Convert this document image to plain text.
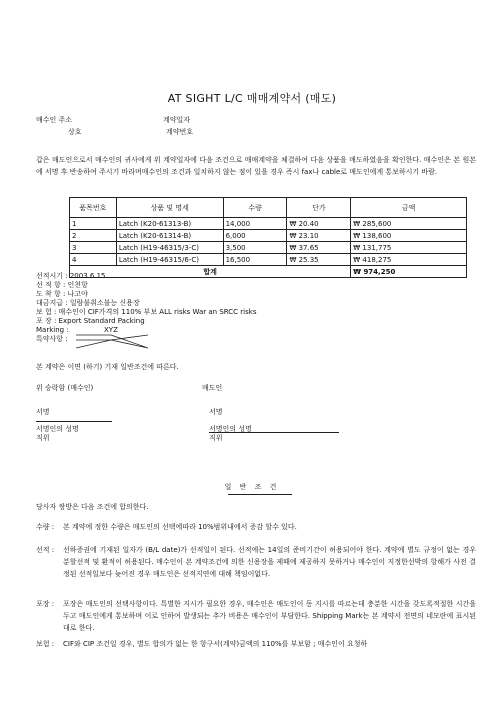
AT SIGHT L/C 매매계약서 (매도)
매수인 주소
상호
계약일자
계약번호
갑은 매도인으로서 매수인의 귀사에게 위 계약일자에 다음 조건으로 매매계약을 체결하여 다음 상품을 매도하였음을 확인한다. 매수인은 본 원본에 서명 후 반송하여 주시기 바라며매수인의 조건과 일치하지 않는 점이 있을 경우 즉시 fax나 cable로 매도인에게 통보하시기 바람.
품목번호	상품 및 명세	수량	단가	금액
1	Latch (K20-61313-B)	14,000	₩ 20.40	₩ 285,600
2	Latch (K20-61314-B)	6,000	₩ 23.10	₩ 138,600
3	Latch (H19-46315/3-C)	3,500	₩ 37.65	₩ 131,775
4	Latch (H19-46315/6-C)	16,500	₩ 25.35	₩ 418,275
합계				₩ 974,250
선적시기 : 2003.6.15
선 적 항 : 인천항
도 착 항 : 나고야
대금지급 : 일람불취소불능 신용장
보 험 : 매수인이 CIF가격의 110% 부보 ALL risks War an SRCC risks
포 장 : Export Standard Packing
Marking :	XYZ
특약사항 :
본 계약은 이면 (하기) 기재 일반조건에 따른다.
위 승락함 (매수인)	매도인
서명	서명
서명인의 성명	서명인의 성명
직위	직위
일 반 조 건
당사자 쌍방은 다음 조건에 합의한다.
수량 : 본 계약에 정한 수량은 매도인의 선택에따라 10%범위내에서 증감 할수 있다.
선적 : 선하증권에 기재된 일자가 (B/L date)가 선적일이 된다. 선적에는 14일의 준비기간이 허용되어야 한다. 계약에 별도 규정이 없는 경우 분할선적 및 환적이 허용된다. 매수인이 본 계약조건에 의한 신용장을 제때에 제공하지 못하거나 매수인이 지정한선박의 항해가 사전 결정된 선적일보다 늦어진 경우 매도인은 선적지연에 대해 책임이없다.
포장 : 포장은 매도인의 선택사항이다. 특별한 지시가 필요한 경우, 매수인은 매도인이 동 지시를 따르는데 충분한 시간을 갖도록적절한 시간을 두고 매도인에게 통보하며 이로 인하여 발생되는 추가 비용은 매수인이 부담한다. Shipping Mark는 본 계약서 전면의 네모란에 표시된 대로 한다.
보험 : CIF와 CIP 조건일 경우, 별도 합의가 없는 한 항구서(계약)금액의 110%를 부보함 ; 매수인이 요청하
